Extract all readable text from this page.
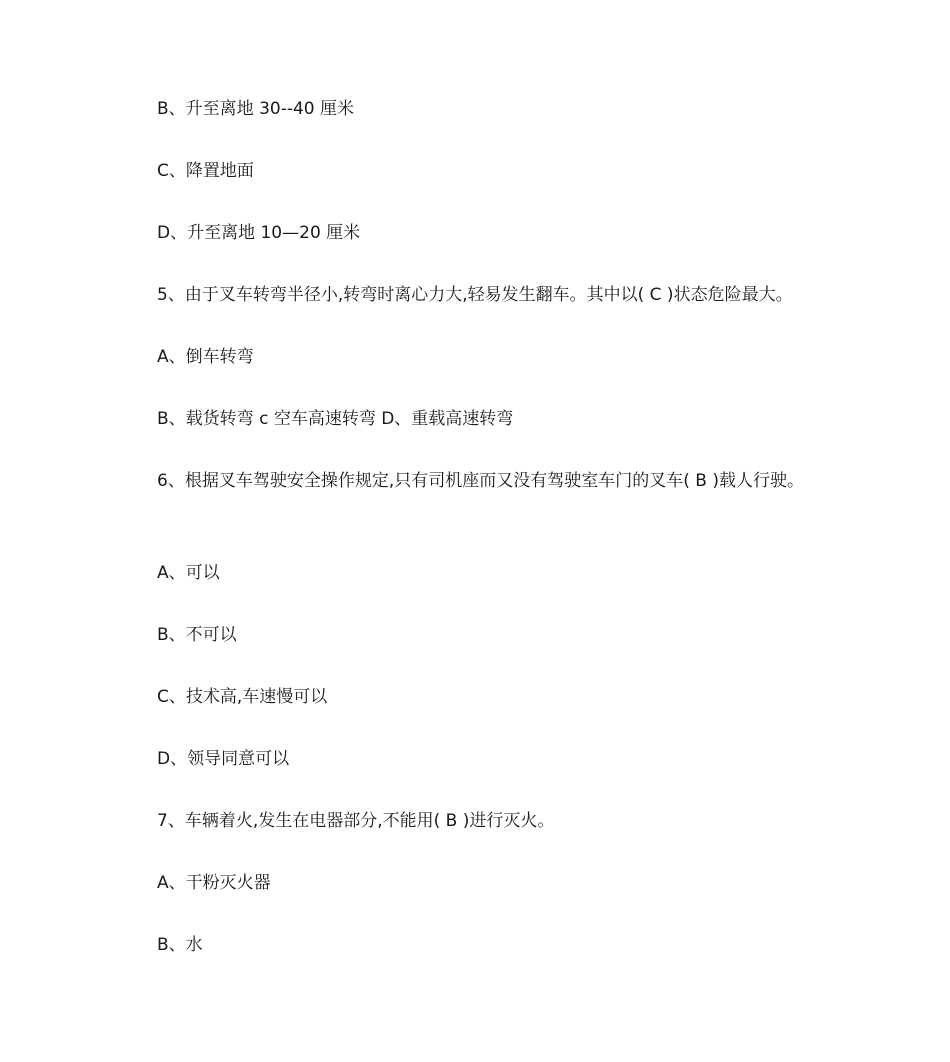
B、升至离地 30--40 厘米
C、降置地面
D、升至离地 10—20 厘米
5、由于叉车转弯半径小,转弯时离心力大,轻易发生翻车。其中以( C )状态危险最大。
A、倒车转弯
B、载货转弯 c 空车高速转弯 D、重载高速转弯
6、根据叉车驾驶安全操作规定,只有司机座而又没有驾驶室车门的叉车( B )载人行驶。
A、可以
B、不可以
C、技术高,车速慢可以
D、领导同意可以
7、车辆着火,发生在电器部分,不能用( B )进行灭火。
A、干粉灭火器
B、水
